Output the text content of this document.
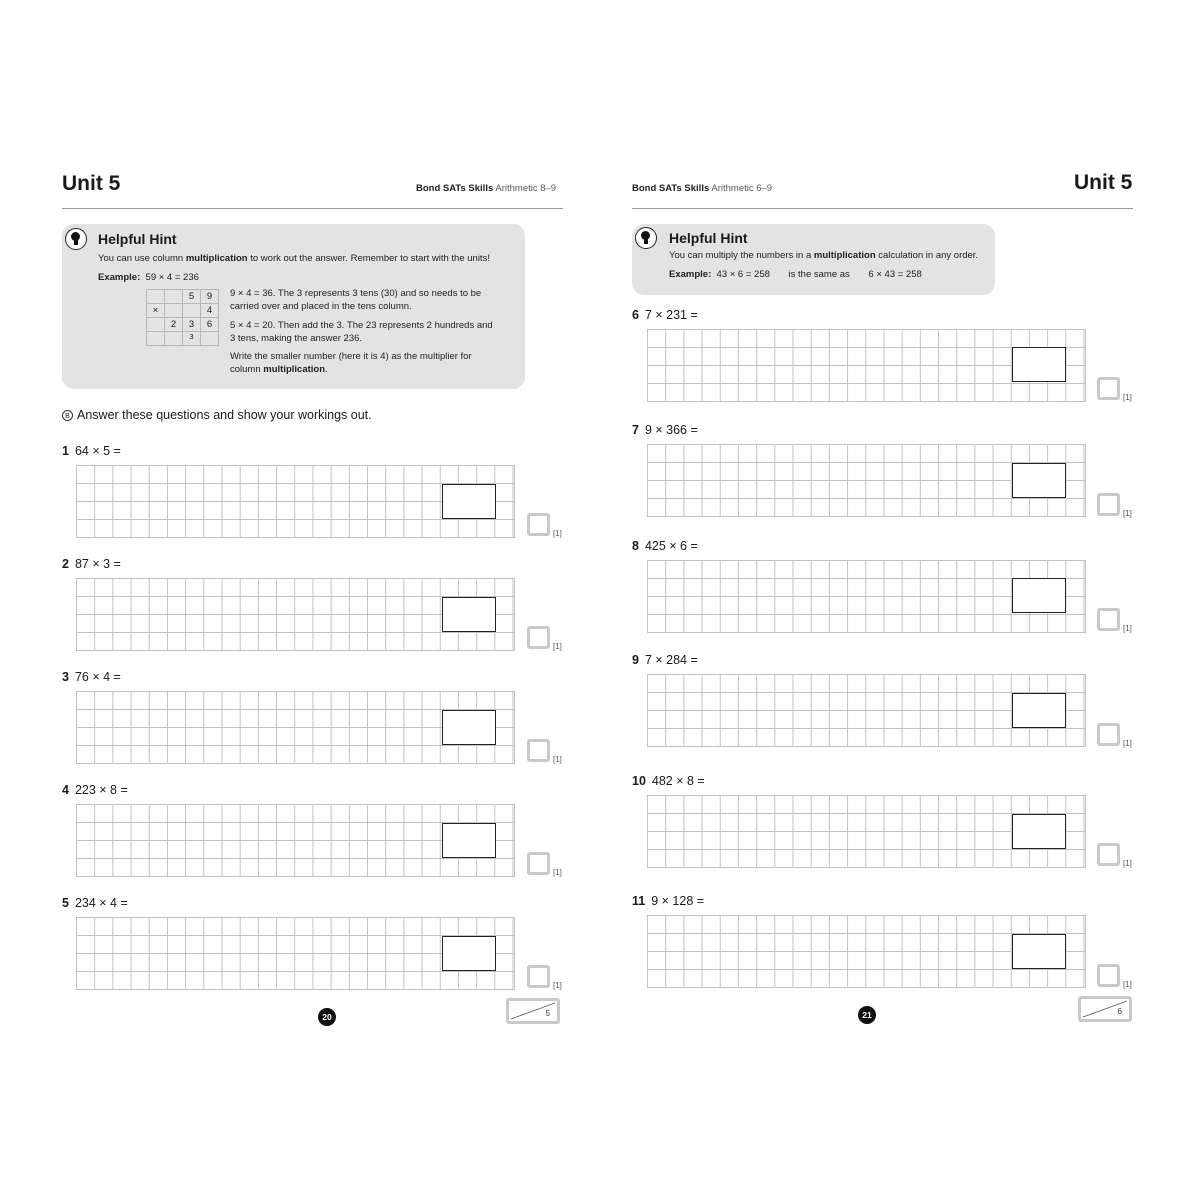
Unit 5	Bond SATs Skills Arithmetic 8–9
Helpful Hint
You can use column multiplication to work out the answer. Remember to start with the units!
Example: 59 × 4 = 236
		5	9
×			4
	2	3	6
		3	
9 × 4 = 36. The 3 represents 3 tens (30) and so needs to be carried over and placed in the tens column.
5 × 4 = 20. Then add the 3. The 23 represents 2 hundreds and 3 tens, making the answer 236.
Write the smaller number (here it is 4) as the multiplier for column multiplication.
B Answer these questions and show your workings out.
1 64 × 5 =
[1]
2 87 × 3 =
[1]
3 76 × 4 =
[1]
4 223 × 8 =
[1]
5 234 × 4 =
[1]
20	5
Bond SATs Skills Arithmetic 6–9	Unit 5
Helpful Hint
You can multiply the numbers in a multiplication calculation in any order.
Example: 43 × 6 = 258 is the same as 6 × 43 = 258
6 7 × 231 =
[1]
7 9 × 366 =
[1]
8 425 × 6 =
[1]
9 7 × 284 =
[1]
10 482 × 8 =
[1]
11 9 × 128 =
[1]
21	6
